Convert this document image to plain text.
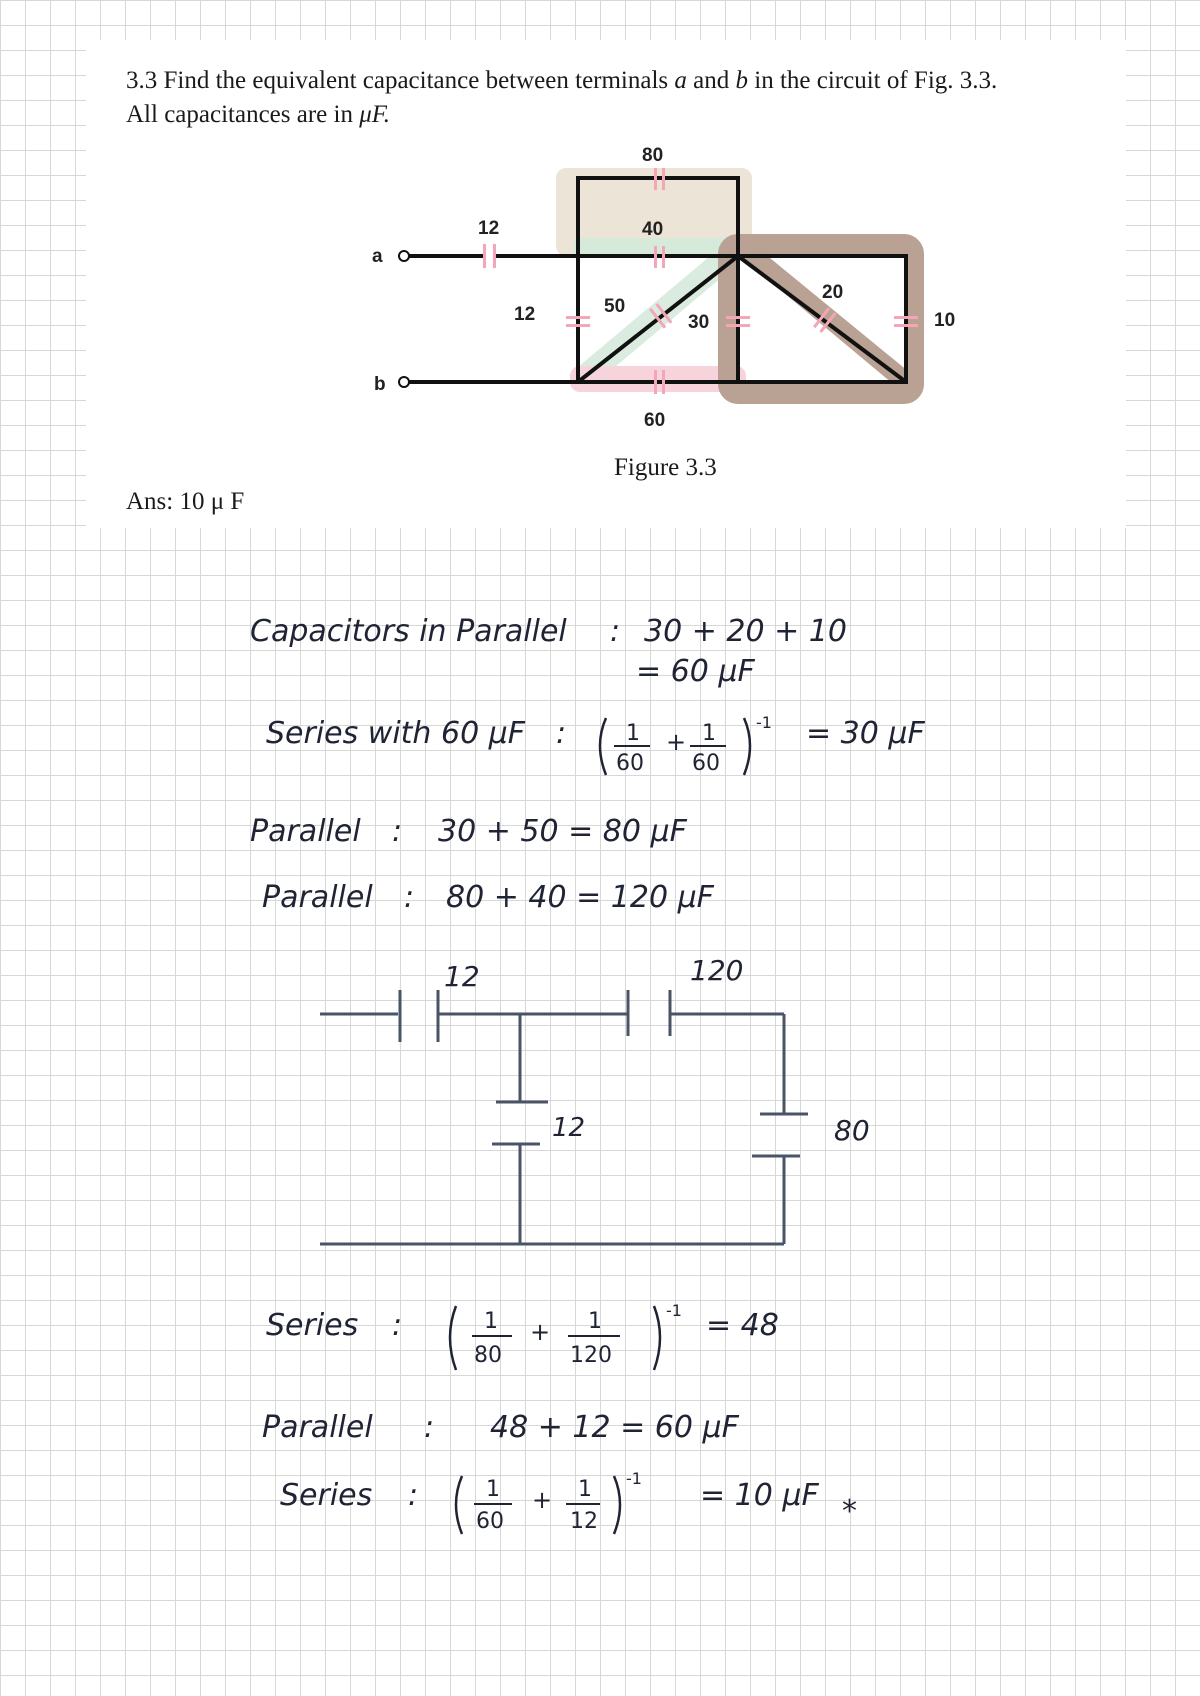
3.3 Find the equivalent capacitance between terminals a and b in the circuit of Fig. 3.3.
All capacitances are in μF.
Figure 3.3
Ans: 10 μ F
a
b
80
40
12
12	50
30
20
10
60
Capacitors in Parallel : 30 + 20 + 10
= 60 μF
Series with 60 μF :	1
60
+ 1
60
-1 = 30 μF
Parallel : 30 + 50 = 80 μF
Parallel : 80 + 40 = 120 μF
12	120
12	80
Series :	1
80
+ 1
120
-1 = 48
Parallel : 48 + 12 = 60 μF
Series :	1
60
+ 1
12
-1 = 10 μF *
